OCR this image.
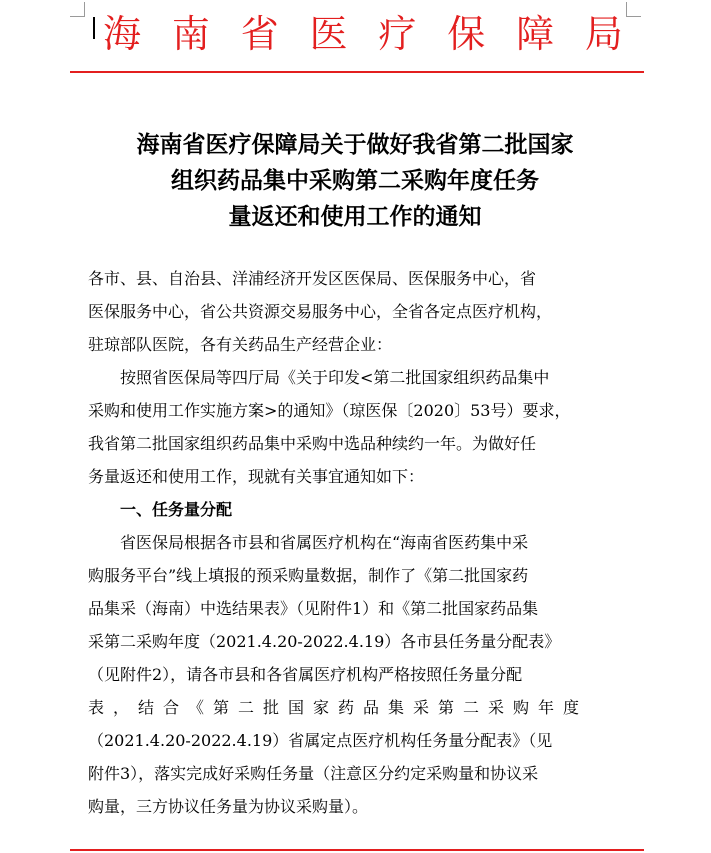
海 南 省 医 疗 保 障 局
海南省医疗保障局关于做好我省第二批国家
组织药品集中采购第二采购年度任务
量返还和使用工作的通知

各市、县、自治县、洋浦经济开发区医保局、医保服务中心，省
医保服务中心，省公共资源交易服务中心，全省各定点医疗机构，
驻琼部队医院，各有关药品生产经营企业：

按照省医保局等四厅局《关于印发<第二批国家组织药品集中
采购和使用工作实施方案>的通知》（琼医保〔2020〕53号）要求，
我省第二批国家组织药品集中采购中选品种续约一年。为做好任
务量返还和使用工作，现就有关事宜通知如下：

一、任务量分配

省医保局根据各市县和省属医疗机构在“海南省医药集中采
购服务平台”线上填报的预采购量数据，制作了《第二批国家药
品集采（海南）中选结果表》（见附件1）和《第二批国家药品集
采第二采购年度（2021.4.20-2022.4.19）各市县任务量分配表》
（见附件2），请各市县和各省属医疗机构严格按照任务量分配
表，结合《第二批国家药品集采第二采购年度
（2021.4.20-2022.4.19）省属定点医疗机构任务量分配表》（见
附件3），落实完成好采购任务量（注意区分约定采购量和协议采
购量，三方协议任务量为协议采购量）。
